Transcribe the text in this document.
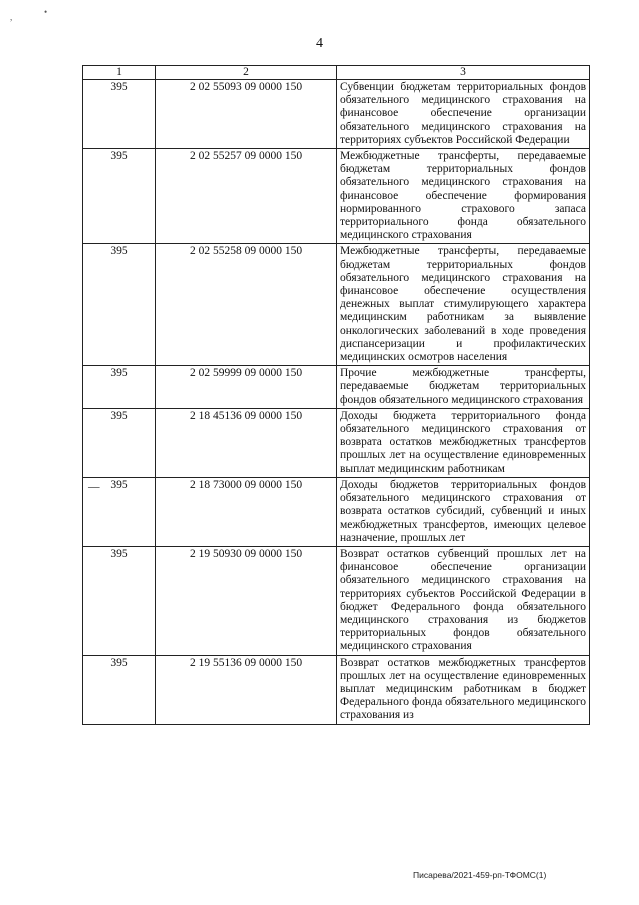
,	•
4
1	2	3
395	2 02 55093 09 0000 150	Субвенции бюджетам территориальных фондов обязательного медицинского страхования на финансовое обеспечение организации обязательного медицинского страхования на территориях субъектов Российской Федерации
395	2 02 55257 09 0000 150	Межбюджетные трансферты, передаваемые бюджетам территориальных фондов обязательного медицинского страхования на финансовое обеспечение формирования нормированного страхового запаса территориального фонда обязательного медицинского страхования
395	2 02 55258 09 0000 150	Межбюджетные трансферты, передаваемые бюджетам территориальных фондов обязательного медицинского страхования на финансовое обеспечение осуществления денежных выплат стимулирующего характера медицинским работникам за выявление онкологических заболеваний в ходе проведения диспансеризации и профилактических медицинских осмотров населения
395	2 02 59999 09 0000 150	Прочие межбюджетные трансферты, передаваемые бюджетам территориальных фондов обязательного медицинского страхования
395	2 18 45136 09 0000 150	Доходы бюджета территориального фонда обязательного медицинского страхования от возврата остатков межбюджетных трансфертов прошлых лет на осуществление единовременных выплат медицинским работникам

— 395	2 18 73000 09 0000 150	Доходы бюджетов территориальных фондов обязательного медицинского страхования от возврата остатков субсидий, субвенций и иных межбюджетных трансфертов, имеющих целевое назначение, прошлых лет
395	2 19 50930 09 0000 150	Возврат остатков субвенций прошлых лет на финансовое обеспечение организации обязательного медицинского страхования на территориях субъектов Российской Федерации в бюджет Федерального фонда обязательного медицинского страхования из бюджетов территориальных фондов обязательного медицинского страхования
395	2 19 55136 09 0000 150	Возврат остатков межбюджетных трансфертов прошлых лет на осуществление единовременных выплат медицинским работникам в бюджет Федерального фонда обязательного медицинского страхования из
Писарева/2021-459-рп-ТФОМС(1)
